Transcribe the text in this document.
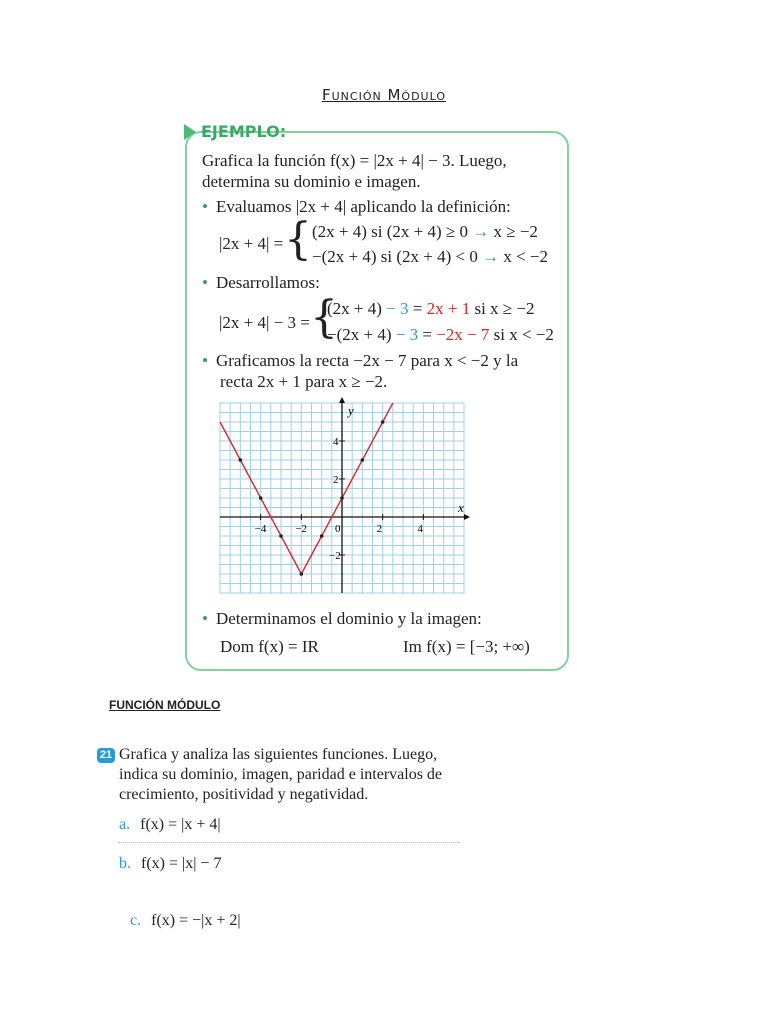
Función Módulo
EJEMPLO:
Grafica la función f(x) = |2x + 4| − 3. Luego,
determina su dominio e imagen.
• Evaluamos |2x + 4| aplicando la definición:
|2x + 4| = { (2x + 4) si (2x + 4) ≥ 0 → x ≥ −2
−(2x + 4) si (2x + 4) < 0 → x < −2
• Desarrollamos:
|2x + 4| − 3 = {
(2x + 4) − 3 = 2x + 1 si x ≥ −2
−(2x + 4) − 3 = −2x − 7 si x < −2
• Graficamos la recta −2x − 7 para x < −2 y la
recta 2x + 1 para x ≥ −2.
x
y
−4	−2	0	2	4
4
2
−2
• Determinamos el dominio y la imagen:
Dom f(x) = IR	Im f(x) = [−3; +∞)
FUNCIÓN MÓDULO
21 Grafica y analiza las siguientes funciones. Luego,
indica su dominio, imagen, paridad e intervalos de
crecimiento, positividad y negatividad.
a. f(x) = |x + 4|
b. f(x) = |x| − 7
c. f(x) = −|x + 2|
